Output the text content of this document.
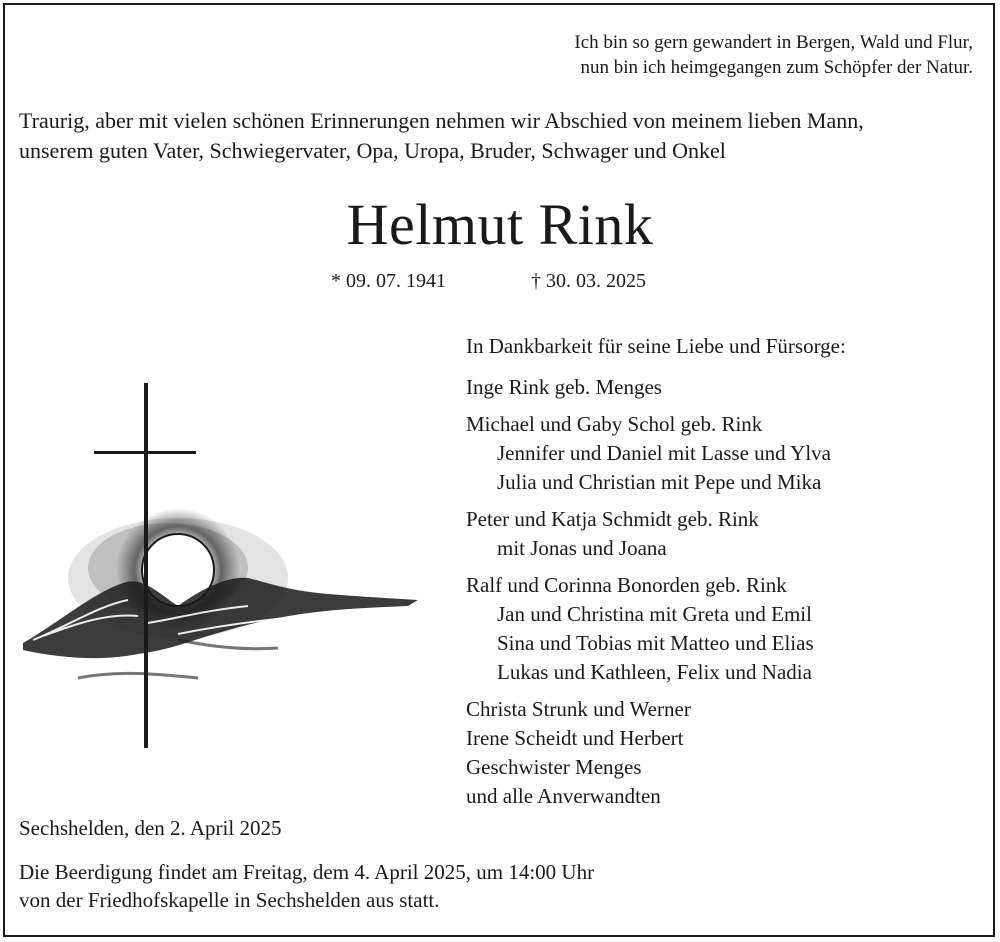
Ich bin so gern gewandert in Bergen, Wald und Flur,
nun bin ich heimgegangen zum Schöpfer der Natur.
Traurig, aber mit vielen schönen Erinnerungen nehmen wir Abschied von meinem lieben Mann,
unserem guten Vater, Schwiegervater, Opa, Uropa, Bruder, Schwager und Onkel
Helmut Rink
* 09. 07. 1941	† 30. 03. 2025
In Dankbarkeit für seine Liebe und Fürsorge:
Inge Rink geb. Menges
Michael und Gaby Schol geb. Rink
Jennifer und Daniel mit Lasse und Ylva
Julia und Christian mit Pepe und Mika
Peter und Katja Schmidt geb. Rink
mit Jonas und Joana
Ralf und Corinna Bonorden geb. Rink
Jan und Christina mit Greta und Emil
Sina und Tobias mit Matteo und Elias
Lukas und Kathleen, Felix und Nadia
Christa Strunk und Werner
Irene Scheidt und Herbert
Geschwister Menges
und alle Anverwandten
Sechshelden, den 2. April 2025
Die Beerdigung findet am Freitag, dem 4. April 2025, um 14:00 Uhr
von der Friedhofskapelle in Sechshelden aus statt.
